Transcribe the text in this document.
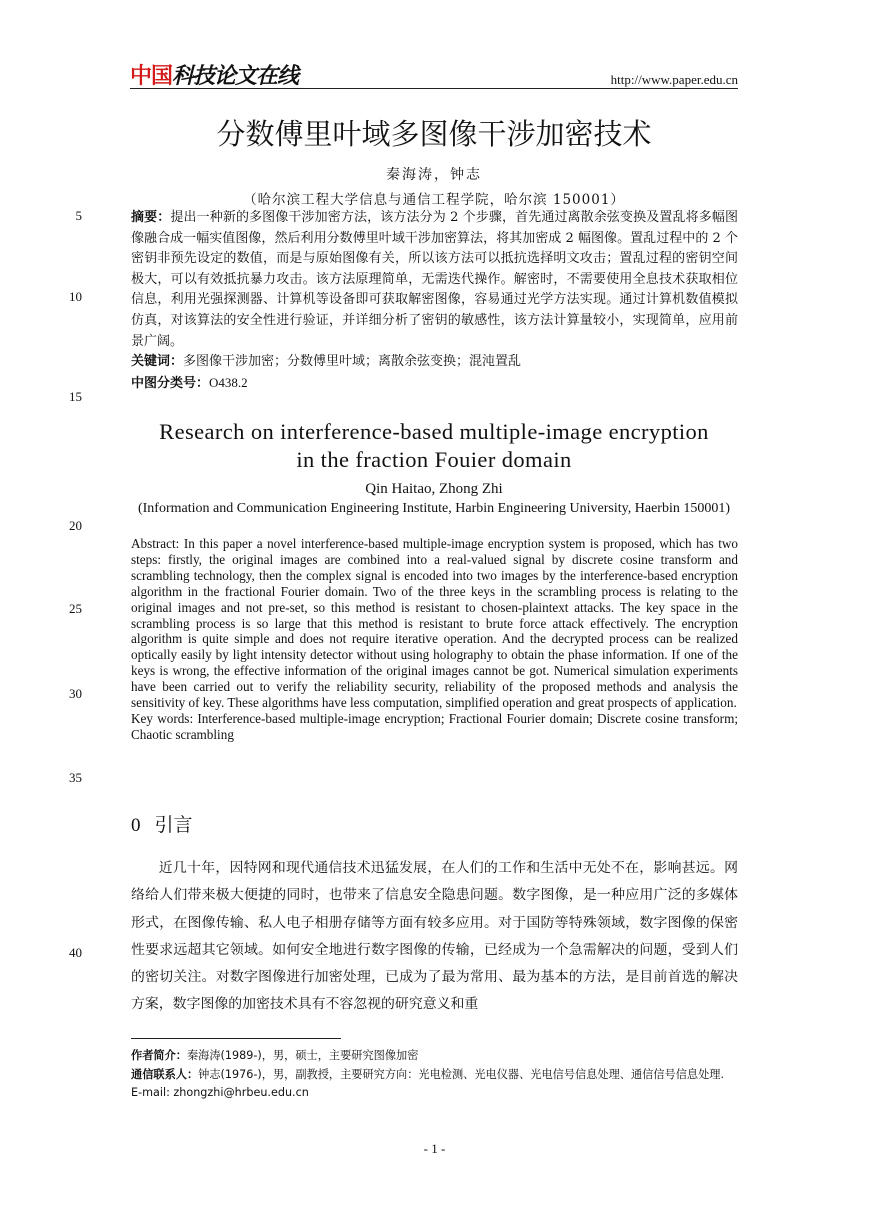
中国科技论文在线	http://www.paper.edu.cn
分数傅里叶域多图像干涉加密技术
秦海涛，钟志
（哈尔滨工程大学信息与通信工程学院，哈尔滨 150001）
摘要：提出一种新的多图像干涉加密方法，该方法分为 2 个步骤，首先通过离散余弦变换及置乱将多幅图像融合成一幅实值图像，然后利用分数傅里叶域干涉加密算法，将其加密成 2 幅图像。置乱过程中的 2 个密钥非预先设定的数值，而是与原始图像有关，所以该方法可以抵抗选择明文攻击；置乱过程的密钥空间极大，可以有效抵抗暴力攻击。该方法原理简单，无需迭代操作。解密时，不需要使用全息技术获取相位信息，利用光强探测器、计算机等设备即可获取解密图像，容易通过光学方法实现。通过计算机数值模拟仿真，对该算法的安全性进行验证，并详细分析了密钥的敏感性，该方法计算量较小，实现简单，应用前景广阔。
关键词：多图像干涉加密；分数傅里叶域；离散余弦变换；混沌置乱
中图分类号：O438.2
Research on interference-based multiple-image encryption
in the fraction Fouier domain
Qin Haitao, Zhong Zhi
(Information and Communication Engineering Institute, Harbin Engineering University, Haerbin 150001)
Abstract: In this paper a novel interference-based multiple-image encryption system is proposed, which has two steps: firstly, the original images are combined into a real-valued signal by discrete cosine transform and scrambling technology, then the complex signal is encoded into two images by the interference-based encryption algorithm in the fractional Fourier domain. Two of the three keys in the scrambling process is relating to the original images and not pre-set, so this method is resistant to chosen-plaintext attacks. The key space in the scrambling process is so large that this method is resistant to brute force attack effectively. The encryption algorithm is quite simple and does not require iterative operation. And the decrypted process can be realized optically easily by light intensity detector without using holography to obtain the phase information. If one of the keys is wrong, the effective information of the original images cannot be got. Numerical simulation experiments have been carried out to verify the reliability security, reliability of the proposed methods and analysis the sensitivity of key. These algorithms have less computation, simplified operation and great prospects of application.
Key words: Interference-based multiple-image encryption; Fractional Fourier domain; Discrete cosine transform; Chaotic scrambling
0 引言

近几十年，因特网和现代通信技术迅猛发展，在人们的工作和生活中无处不在，影响甚远。网络给人们带来极大便捷的同时，也带来了信息安全隐患问题。数字图像，是一种应用广泛的多媒体形式，在图像传输、私人电子相册存储等方面有较多应用。对于国防等特殊领域，数字图像的保密性要求远超其它领域。如何安全地进行数字图像的传输，已经成为一个急需解决的问题，受到人们的密切关注。对数字图像进行加密处理，已成为了最为常用、最为基本的方法，是目前首选的解决方案，数字图像的加密技术具有不容忽视的研究意义和重

作者简介：秦海涛(1989-)，男，硕士，主要研究图像加密
通信联系人：钟志(1976-)，男，副教授，主要研究方向：光电检测、光电仪器、光电信号信息处理、通信信号信息处理. E-mail: zhongzhi@hrbeu.edu.cn
5
10
15
20
25
30
35
40
- 1 -
